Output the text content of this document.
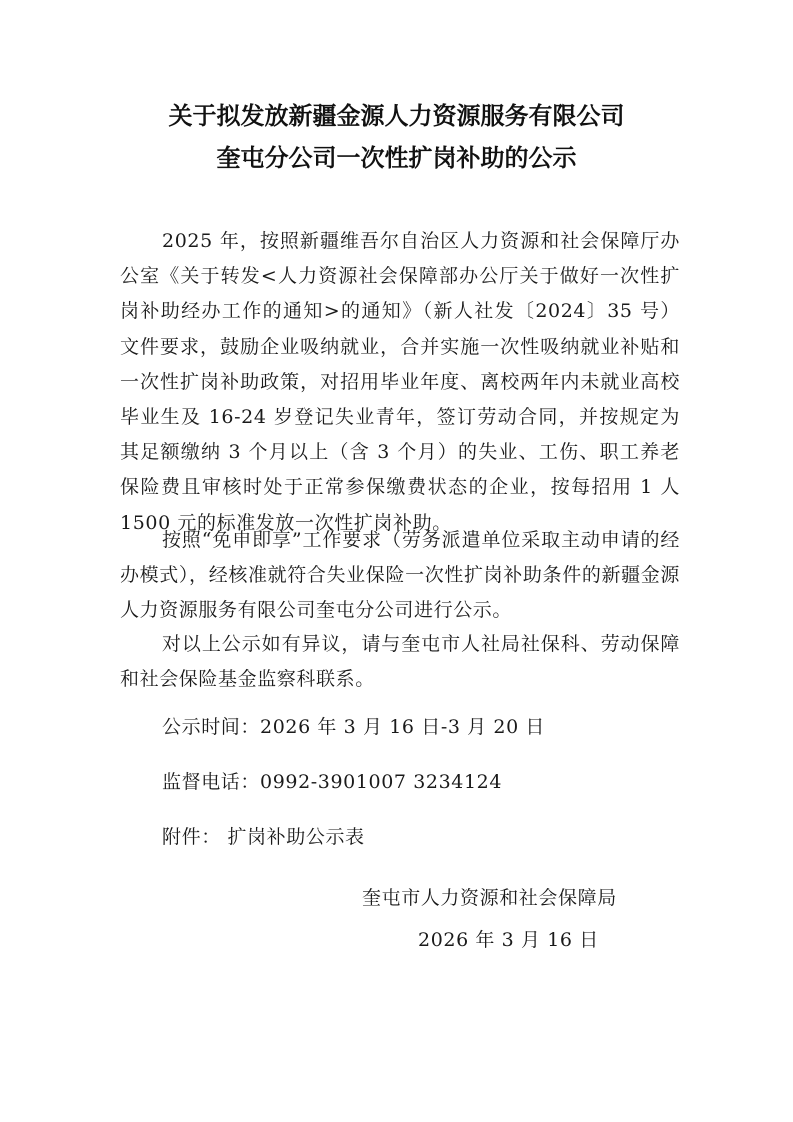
关于拟发放新疆金源人力资源服务有限公司
奎屯分公司一次性扩岗补助的公示

2025 年，按照新疆维吾尔自治区人力资源和社会保障厅办公室《关于转发<人力资源社会保障部办公厅关于做好一次性扩岗补助经办工作的通知>的通知》（新人社发〔2024〕35 号）文件要求，鼓励企业吸纳就业，合并实施一次性吸纳就业补贴和一次性扩岗补助政策，对招用毕业年度、离校两年内未就业高校毕业生及 16-24 岁登记失业青年，签订劳动合同，并按规定为其足额缴纳 3 个月以上（含 3 个月）的失业、工伤、职工养老保险费且审核时处于正常参保缴费状态的企业，按每招用 1 人 1500 元的标准发放一次性扩岗补助。

按照“免申即享”工作要求（劳务派遣单位采取主动申请的经办模式），经核准就符合失业保险一次性扩岗补助条件的新疆金源人力资源服务有限公司奎屯分公司进行公示。

对以上公示如有异议，请与奎屯市人社局社保科、劳动保障和社会保险基金监察科联系。

公示时间：2026 年 3 月 16 日-3 月 20 日
监督电话：0992-3901007 3234124
附件： 扩岗补助公示表
奎屯市人力资源和社会保障局
2026 年 3 月 16 日
